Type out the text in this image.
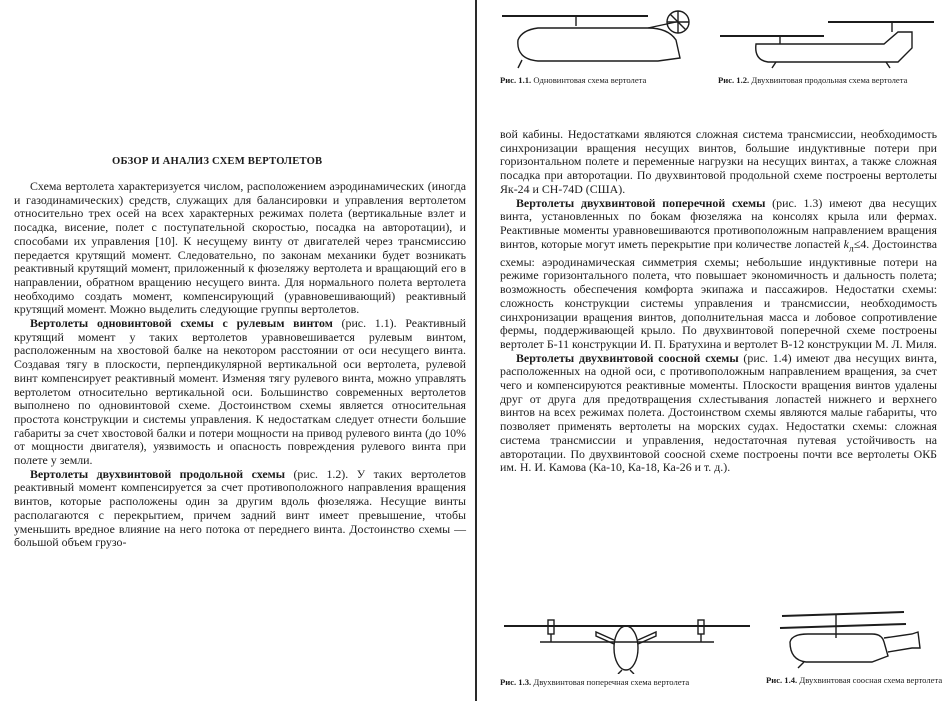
ОБЗОР И АНАЛИЗ СХЕМ ВЕРТОЛЕТОВ

Схема вертолета характеризуется числом, расположением аэродинамических (иногда и газодинамических) средств, служащих для балансировки и управления вертолетом относительно трех осей на всех характерных режимах полета (вертикальные взлет и посадка, висение, полет с поступательной скоростью, посадка на авторотации), и способами их управления [10]. К несущему винту от двигателей через трансмиссию передается крутящий момент. Следовательно, по законам механики будет возникать реактивный крутящий момент, приложенный к фюзеляжу вертолета и вращающий его в направлении, обратном вращению несущего винта. Для нормального полета вертолета необходимо создать момент, компенсирующий (уравновешивающий) реактивный крутящий момент. Можно выделить следующие группы вертолетов.

Вертолеты одновинтовой схемы с рулевым винтом (рис. 1.1). Реактивный крутящий момент у таких вертолетов уравновешивается рулевым винтом, расположенным на хвостовой балке на некотором расстоянии от оси несущего винта. Создавая тягу в плоскости, перпендикулярной вертикальной оси вертолета, рулевой винт компенсирует реактивный момент. Изменяя тягу рулевого винта, можно управлять вертолетом относительно вертикальной оси. Большинство современных вертолетов выполнено по одновинтовой схеме. Достоинством схемы является относительная простота конструкции и системы управления. К недостаткам следует отнести большие габариты за счет хвостовой балки и потери мощности на привод рулевого винта (до 10% от мощности двигателя), уязвимость и опасность повреждения рулевого винта при полете у земли.

Вертолеты двухвинтовой продольной схемы (рис. 1.2). У таких вертолетов реактивный момент компенсируется за счет противоположного направления вращения винтов, которые расположены один за другим вдоль фюзеляжа. Несущие винты располагаются с перекрытием, причем задний винт имеет превышение, чтобы уменьшить вредное влияние на него потока от переднего винта. Достоинство схемы — большой объем грузо-

Рис. 1.1. Одновинтовая схема вертолета	Рис. 1.2. Двухвинтовая продольная схема вертолета

вой кабины. Недостатками являются сложная система трансмиссии, необходимость синхронизации вращения несущих винтов, большие индуктивные потери при горизонтальном полете и переменные нагрузки на несущих винтах, а также сложная посадка при авторотации. По двухвинтовой продольной схеме построены вертолеты Як-24 и CH-74D (США).

Вертолеты двухвинтовой поперечной схемы (рис. 1.3) имеют два несущих винта, установленных по бокам фюзеляжа на консолях крыла или фермах. Реактивные моменты уравновешиваются противоположным направлением вращения винтов, которые могут иметь перекрытие при количестве лопастей $k_л\le 4$. Достоинства схемы: аэродинамическая симметрия схемы; небольшие индуктивные потери на режиме горизонтального полета, что повышает экономичность и дальность полета; возможность обеспечения комфорта экипажа и пассажиров. Недостатки схемы: сложность конструкции системы управления и трансмиссии, необходимость синхронизации вращения винтов, дополнительная масса и лобовое сопротивление фермы, поддерживающей крыло. По двухвинтовой поперечной схеме построены вертолет Б-11 конструкции И. П. Братухина и вертолет В-12 конструкции М. Л. Миля.

Вертолеты двухвинтовой соосной схемы (рис. 1.4) имеют два несущих винта, расположенных на одной оси, с противоположным направлением вращения, за счет чего и компенсируются реактивные моменты. Плоскости вращения винтов удалены друг от друга для предотвращения схлестывания лопастей нижнего и верхнего винтов на всех режимах полета. Достоинством схемы являются малые габариты, что позволяет применять вертолеты на морских судах. Недостатки схемы: сложная система трансмиссии и управления, недостаточная путевая устойчивость на авторотации. По двухвинтовой соосной схеме построены почти все вертолеты ОКБ им. Н. И. Камова (Ка-10, Ка-18, Ка-26 и т. д.).

Рис. 1.3. Двухвинтовая поперечная схема вертолета	Рис. 1.4. Двухвинтовая соосная схема вертолета
